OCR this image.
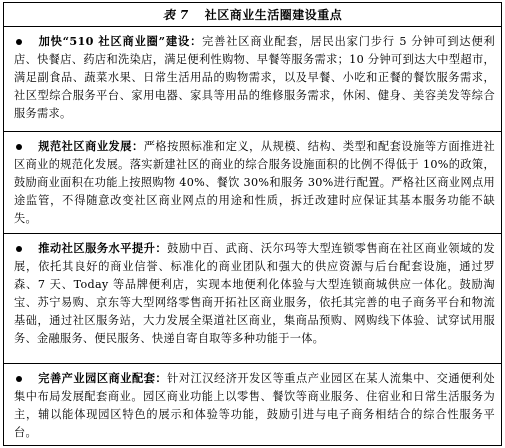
表 7 社区商业生活圈建设重点
加快“510 社区商业圈”建设：完善社区商业配套，居民出家门步行 5 分钟可到达便利店、快餐店、药店和洗染店，满足便利性购物、早餐等服务需求；10 分钟可到达大中型超市，满足副食品、蔬菜水果、日常生活用品的购物需求，以及早餐、小吃和正餐的餐饮服务需求，社区型综合服务平台、家用电器、家具等用品的维修服务需求，休闲、健身、美容美发等综合服务需求。
规范社区商业发展：严格按照标准和定义，从规模、结构、类型和配套设施等方面推进社区商业的规范化发展。落实新建社区的商业的综合服务设施面积的比例不得低于 10%的政策，鼓励商业面积在功能上按照购物 40%、餐饮 30%和服务 30%进行配置。严格社区商业网点用途监管，不得随意改变社区商业网点的用途和性质，拆迁改建时应保证其基本服务功能不缺失。
推动社区服务水平提升：鼓励中百、武商、沃尔玛等大型连锁零售商在社区商业领域的发展，依托其良好的商业信誉、标准化的商业团队和强大的供应资源与后台配套设施，通过罗森、7 天、Today 等品牌便利店，实现本地便利化体验与大型连锁商城供应一体化。鼓励淘宝、苏宁易购、京东等大型网络零售商开拓社区商业服务，依托其完善的电子商务平台和物流基础，通过社区服务站，大力发展全渠道社区商业，集商品预购、网购线下体验、试穿试用服务、金融服务、便民服务、快递自寄自取等多种功能于一体。
完善产业园区商业配套：针对江汉经济开发区等重点产业园区在某人流集中、交通便利处集中布局发展配套商业。园区商业功能上以零售、餐饮等商业服务、住宿业和日常生活服务为主，辅以能体现园区特色的展示和体验等功能，鼓励引进与电子商务相结合的综合性服务平台。
